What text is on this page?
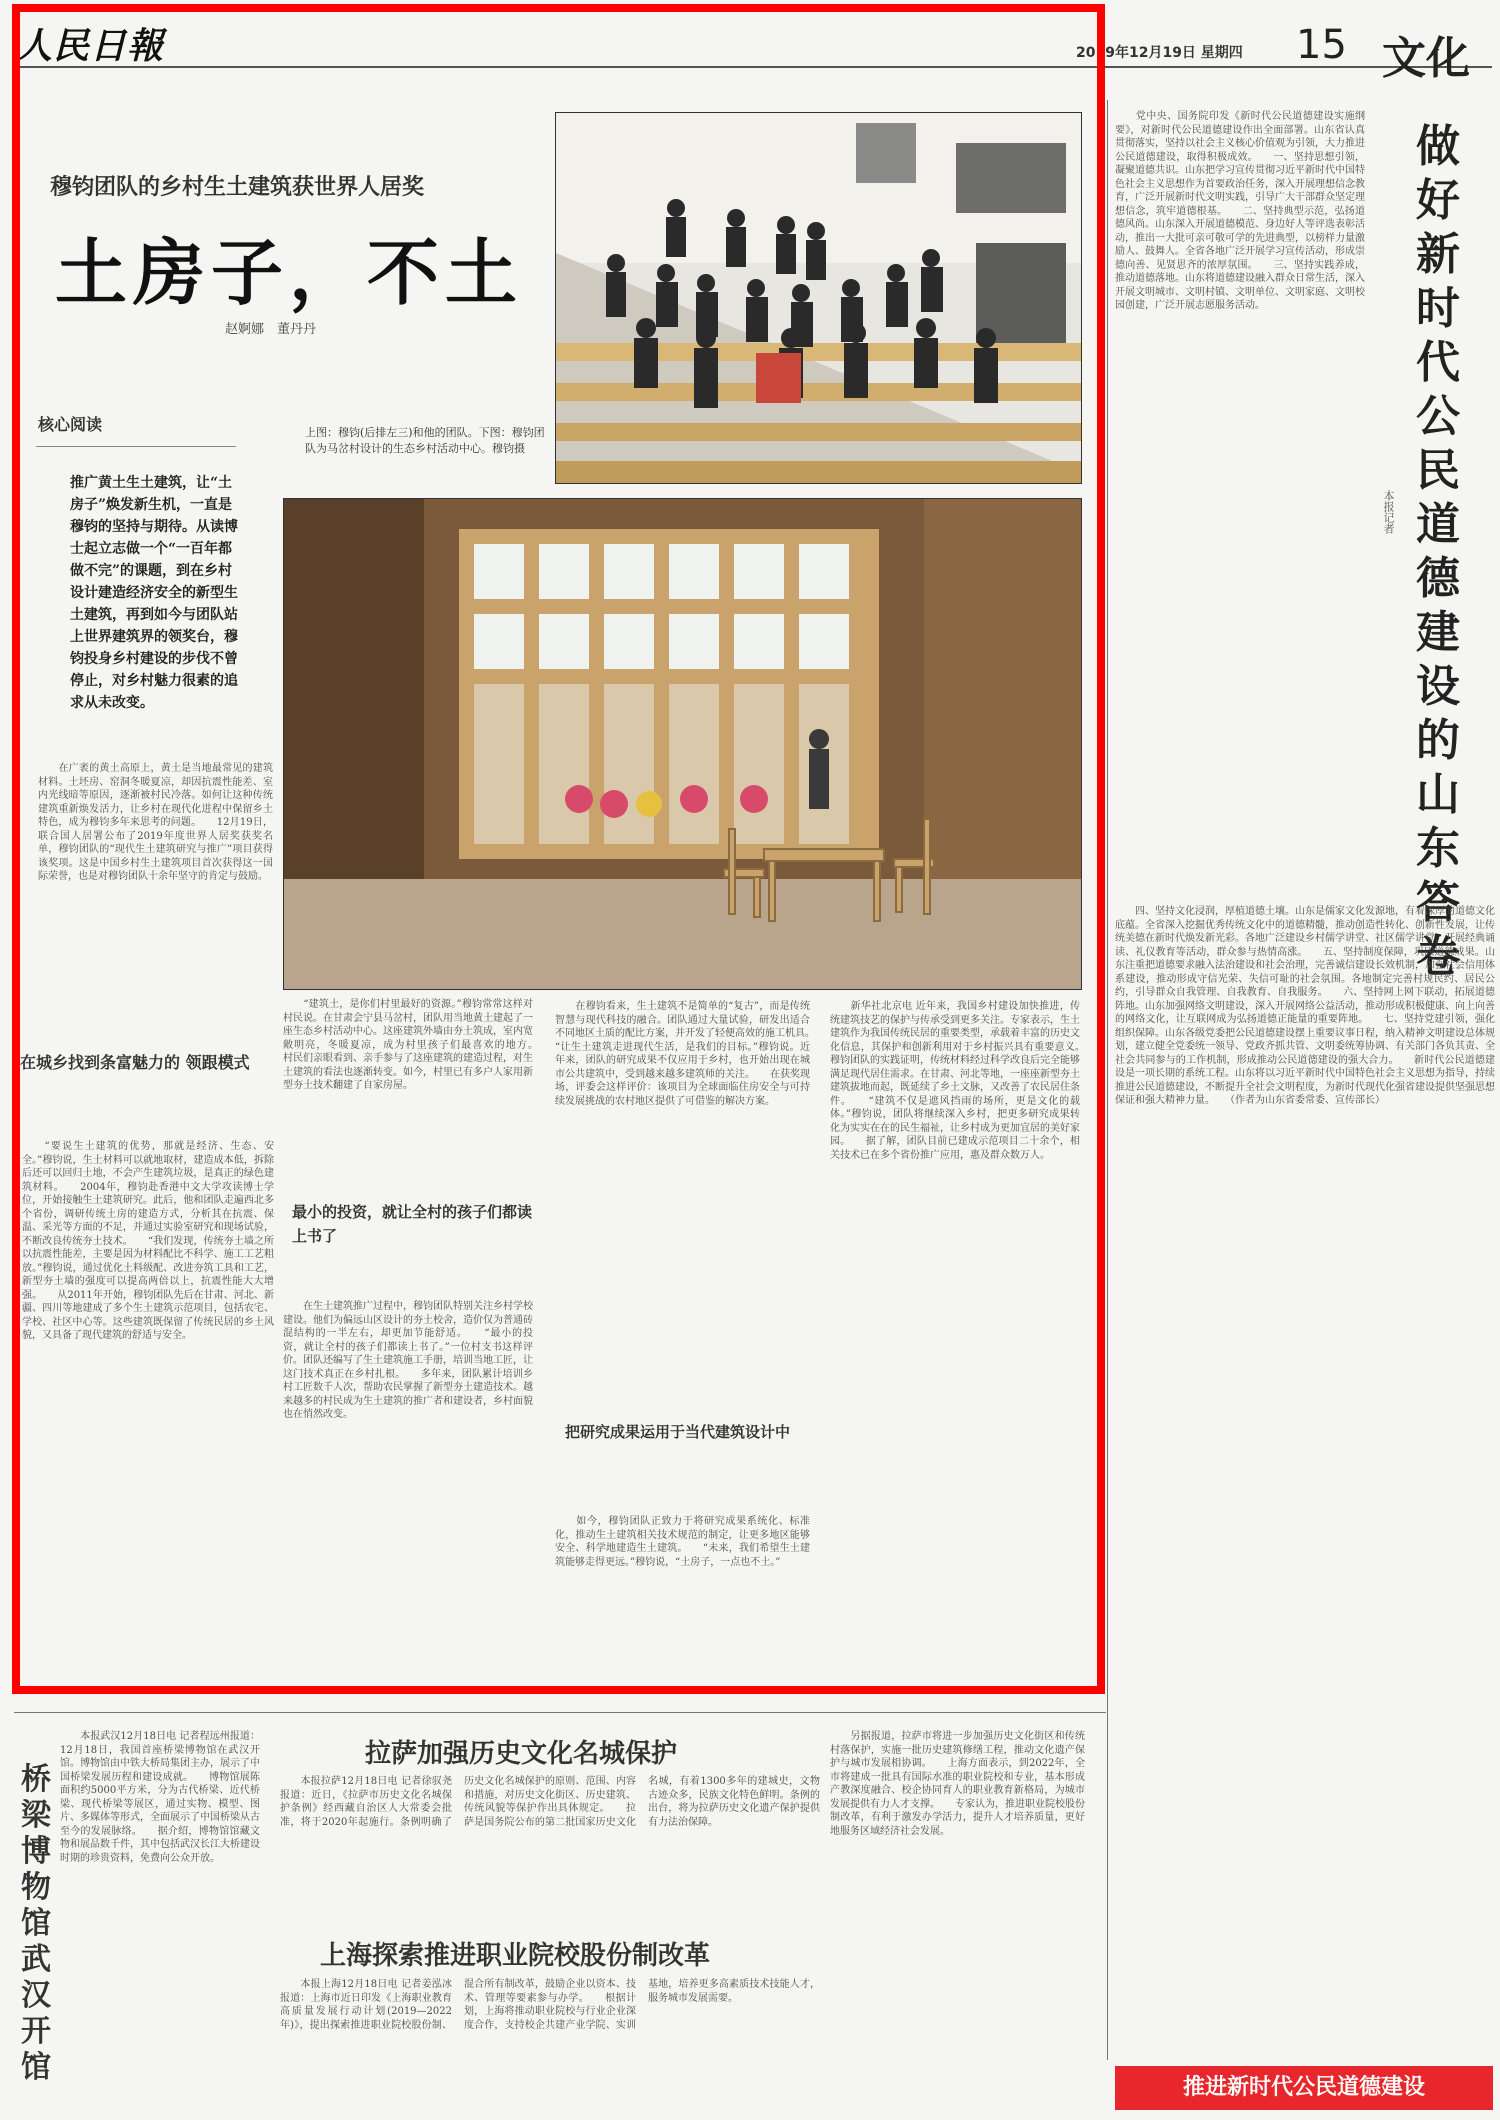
人民日報	2019年12月19日 星期四 15 文化
穆钧团队的乡村生土建筑获世界人居奖
土房子，不土
赵婀娜　董丹丹
上图：穆钧(后排左三)和他的团队。下图：穆钧团队为马岔村设计的生态乡村活动中心。穆钧摄
核心阅读
推广黄土生土建筑，让“土房子”焕发新生机，一直是穆钧的坚持与期待。从读博士起立志做一个“一百年都做不完”的课题，到在乡村设计建造经济安全的新型生土建筑，再到如今与团队站上世界建筑界的领奖台，穆钧投身乡村建设的步伐不曾停止，对乡村魅力很素的追求从未改变。
　　在广袤的黄土高原上，黄土是当地最常见的建筑材料。土坯房、窑洞冬暖夏凉，却因抗震性能差、室内光线暗等原因，逐渐被村民冷落。如何让这种传统建筑重新焕发活力，让乡村在现代化进程中保留乡土特色，成为穆钧多年来思考的问题。　　12月19日，联合国人居署公布了2019年度世界人居奖获奖名单，穆钧团队的“现代生土建筑研究与推广”项目获得该奖项。这是中国乡村生土建筑项目首次获得这一国际荣誉，也是对穆钧团队十余年坚守的肯定与鼓励。
在城乡找到条富魅力的 领跟模式
　　“要说生土建筑的优势，那就是经济、生态、安全。”穆钧说，生土材料可以就地取材，建造成本低，拆除后还可以回归土地，不会产生建筑垃圾，是真正的绿色建筑材料。　　2004年，穆钧赴香港中文大学攻读博士学位，开始接触生土建筑研究。此后，他和团队走遍西北多个省份，调研传统土房的建造方式，分析其在抗震、保温、采光等方面的不足，并通过实验室研究和现场试验，不断改良传统夯土技术。　　“我们发现，传统夯土墙之所以抗震性能差，主要是因为材料配比不科学、施工工艺粗放。”穆钧说，通过优化土料级配、改进夯筑工具和工艺，新型夯土墙的强度可以提高两倍以上，抗震性能大大增强。　　从2011年开始，穆钧团队先后在甘肃、河北、新疆、四川等地建成了多个生土建筑示范项目，包括农宅、学校、社区中心等。这些建筑既保留了传统民居的乡土风貌，又具备了现代建筑的舒适与安全。
　　“建筑土，是你们村里最好的资源。”穆钧常常这样对村民说。在甘肃会宁县马岔村，团队用当地黄土建起了一座生态乡村活动中心。这座建筑外墙由夯土筑成，室内宽敞明亮，冬暖夏凉，成为村里孩子们最喜欢的地方。　　村民们亲眼看到、亲手参与了这座建筑的建造过程，对生土建筑的看法也逐渐转变。如今，村里已有多户人家用新型夯土技术翻建了自家房屋。
最小的投资，就让全村的孩子们都读上书了
　　在生土建筑推广过程中，穆钧团队特别关注乡村学校建设。他们为偏远山区设计的夯土校舍，造价仅为普通砖混结构的一半左右，却更加节能舒适。　　“最小的投资，就让全村的孩子们都读上书了。”一位村支书这样评价。团队还编写了生土建筑施工手册，培训当地工匠，让这门技术真正在乡村扎根。　　多年来，团队累计培训乡村工匠数千人次，帮助农民掌握了新型夯土建造技术。越来越多的村民成为生土建筑的推广者和建设者，乡村面貌也在悄然改变。
　　在穆钧看来，生土建筑不是简单的“复古”，而是传统智慧与现代科技的融合。团队通过大量试验，研发出适合不同地区土质的配比方案，并开发了轻便高效的施工机具。　　“让生土建筑走进现代生活，是我们的目标。”穆钧说。近年来，团队的研究成果不仅应用于乡村，也开始出现在城市公共建筑中，受到越来越多建筑师的关注。　　在获奖现场，评委会这样评价：该项目为全球面临住房安全与可持续发展挑战的农村地区提供了可借鉴的解决方案。
把研究成果运用于当代建筑设计中
　　如今，穆钧团队正致力于将研究成果系统化、标准化，推动生土建筑相关技术规范的制定，让更多地区能够安全、科学地建造生土建筑。　　“未来，我们希望生土建筑能够走得更远。”穆钧说，“土房子，一点也不土。”
　　新华社北京电 近年来，我国乡村建设加快推进，传统建筑技艺的保护与传承受到更多关注。专家表示，生土建筑作为我国传统民居的重要类型，承载着丰富的历史文化信息，其保护和创新利用对于乡村振兴具有重要意义。　　穆钧团队的实践证明，传统材料经过科学改良后完全能够满足现代居住需求。在甘肃、河北等地，一座座新型夯土建筑拔地而起，既延续了乡土文脉，又改善了农民居住条件。　　“建筑不仅是遮风挡雨的场所，更是文化的载体。”穆钧说，团队将继续深入乡村，把更多研究成果转化为实实在在的民生福祉，让乡村成为更加宜居的美好家园。　　据了解，团队目前已建成示范项目二十余个，相关技术已在多个省份推广应用，惠及群众数万人。
做好新时代公民道德建设的山东答卷
本报记者
　　党中央、国务院印发《新时代公民道德建设实施纲要》，对新时代公民道德建设作出全面部署。山东省认真贯彻落实，坚持以社会主义核心价值观为引领，大力推进公民道德建设，取得积极成效。　　一、坚持思想引领，凝聚道德共识。山东把学习宣传贯彻习近平新时代中国特色社会主义思想作为首要政治任务，深入开展理想信念教育，广泛开展新时代文明实践，引导广大干部群众坚定理想信念，筑牢道德根基。　　二、坚持典型示范，弘扬道德风尚。山东深入开展道德模范、身边好人等评选表彰活动，推出一大批可亲可敬可学的先进典型，以榜样力量激励人、鼓舞人。全省各地广泛开展学习宣传活动，形成崇德向善、见贤思齐的浓厚氛围。　　三、坚持实践养成，推动道德落地。山东将道德建设融入群众日常生活，深入开展文明城市、文明村镇、文明单位、文明家庭、文明校园创建，广泛开展志愿服务活动。
　　四、坚持文化浸润，厚植道德土壤。山东是儒家文化发源地，有着深厚的道德文化底蕴。全省深入挖掘优秀传统文化中的道德精髓，推动创造性转化、创新性发展，让传统美德在新时代焕发新光彩。各地广泛建设乡村儒学讲堂、社区儒学讲堂，开展经典诵读、礼仪教育等活动，群众参与热情高涨。　　五、坚持制度保障，巩固道德成果。山东注重把道德要求融入法治建设和社会治理，完善诚信建设长效机制，加强社会信用体系建设，推动形成守信光荣、失信可耻的社会氛围。各地制定完善村规民约、居民公约，引导群众自我管理、自我教育、自我服务。　　六、坚持网上网下联动，拓展道德阵地。山东加强网络文明建设，深入开展网络公益活动，推动形成积极健康、向上向善的网络文化，让互联网成为弘扬道德正能量的重要阵地。　　七、坚持党建引领，强化组织保障。山东各级党委把公民道德建设摆上重要议事日程，纳入精神文明建设总体规划，建立健全党委统一领导、党政齐抓共管、文明委统筹协调、有关部门各负其责、全社会共同参与的工作机制，形成推动公民道德建设的强大合力。　　新时代公民道德建设是一项长期的系统工程。山东将以习近平新时代中国特色社会主义思想为指导，持续推进公民道德建设，不断提升全社会文明程度，为新时代现代化强省建设提供坚强思想保证和强大精神力量。　　（作者为山东省委常委、宣传部长）
推进新时代公民道德建设
桥梁博物馆武汉开馆
　　本报武汉12月18日电 记者程远州报道：12月18日，我国首座桥梁博物馆在武汉开馆。博物馆由中铁大桥局集团主办，展示了中国桥梁发展历程和建设成就。　　博物馆展陈面积约5000平方米，分为古代桥梁、近代桥梁、现代桥梁等展区，通过实物、模型、图片、多媒体等形式，全面展示了中国桥梁从古至今的发展脉络。　　据介绍，博物馆馆藏文物和展品数千件，其中包括武汉长江大桥建设时期的珍贵资料，免费向公众开放。
拉萨加强历史文化名城保护
　　本报拉萨12月18日电 记者徐驭尧报道：近日，《拉萨市历史文化名城保护条例》经西藏自治区人大常委会批准，将于2020年起施行。条例明确了历史文化名城保护的原则、范围、内容和措施，对历史文化街区、历史建筑、传统风貌等保护作出具体规定。　　拉萨是国务院公布的第二批国家历史文化名城，有着1300多年的建城史，文物古迹众多，民族文化特色鲜明。条例的出台，将为拉萨历史文化遗产保护提供有力法治保障。
上海探索推进职业院校股份制改革
　　本报上海12月18日电 记者姜泓冰报道：上海市近日印发《上海职业教育高质量发展行动计划(2019—2022年)》，提出探索推进职业院校股份制、混合所有制改革，鼓励企业以资本、技术、管理等要素参与办学。　　根据计划，上海将推动职业院校与行业企业深度合作，支持校企共建产业学院、实训基地，培养更多高素质技术技能人才，服务城市发展需要。
　　另据报道，拉萨市将进一步加强历史文化街区和传统村落保护，实施一批历史建筑修缮工程，推动文化遗产保护与城市发展相协调。　　上海方面表示，到2022年，全市将建成一批具有国际水准的职业院校和专业，基本形成产教深度融合、校企协同育人的职业教育新格局，为城市发展提供有力人才支撑。　　专家认为，推进职业院校股份制改革，有利于激发办学活力，提升人才培养质量，更好地服务区域经济社会发展。
